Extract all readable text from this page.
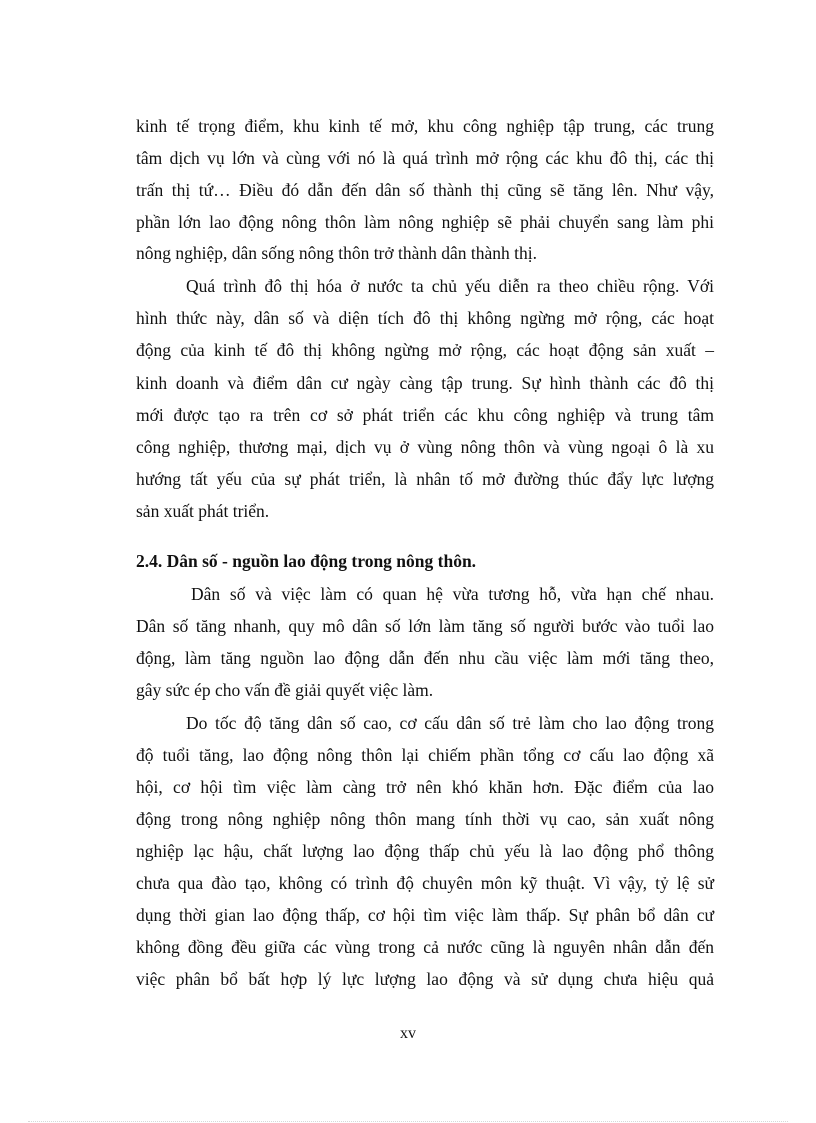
kinh tế trọng điểm, khu kinh tế mở, khu công nghiệp tập trung, các trung
tâm dịch vụ lớn và cùng với nó là quá trình mở rộng các khu đô thị, các thị
trấn thị tứ… Điều đó dẫn đến dân số thành thị cũng sẽ tăng lên. Như vậy,
phần lớn lao động nông thôn làm nông nghiệp sẽ phải chuyển sang làm phi
nông nghiệp, dân sống nông thôn trở thành dân thành thị.
Quá trình đô thị hóa ở nước ta chủ yếu diễn ra theo chiều rộng. Với
hình thức này, dân số và diện tích đô thị không ngừng mở rộng, các hoạt
động của kinh tế đô thị không ngừng mở rộng, các hoạt động sản xuất –
kinh doanh và điểm dân cư ngày càng tập trung. Sự hình thành các đô thị
mới được tạo ra trên cơ sở phát triển các khu công nghiệp và trung tâm
công nghiệp, thương mại, dịch vụ ở vùng nông thôn và vùng ngoại ô là xu
hướng tất yếu của sự phát triển, là nhân tố mở đường thúc đẩy lực lượng
sản xuất phát triển.
2.4. Dân số - nguồn lao động trong nông thôn.
Dân số và việc làm có quan hệ vừa tương hỗ, vừa hạn chế nhau.
Dân số tăng nhanh, quy mô dân số lớn làm tăng số người bước vào tuổi lao
động, làm tăng nguồn lao động dẫn đến nhu cầu việc làm mới tăng theo,
gây sức ép cho vấn đề giải quyết việc làm.
Do tốc độ tăng dân số cao, cơ cấu dân số trẻ làm cho lao động trong
độ tuổi tăng, lao động nông thôn lại chiếm phần tổng cơ cấu lao động xã
hội, cơ hội tìm việc làm càng trở nên khó khăn hơn. Đặc điểm của lao
động trong nông nghiệp nông thôn mang tính thời vụ cao, sản xuất nông
nghiệp lạc hậu, chất lượng lao động thấp chủ yếu là lao động phổ thông
chưa qua đào tạo, không có trình độ chuyên môn kỹ thuật. Vì vậy, tỷ lệ sử
dụng thời gian lao động thấp, cơ hội tìm việc làm thấp. Sự phân bổ dân cư
không đồng đều giữa các vùng trong cả nước cũng là nguyên nhân dẫn đến
việc phân bổ bất hợp lý lực lượng lao động và sử dụng chưa hiệu quả
xv
